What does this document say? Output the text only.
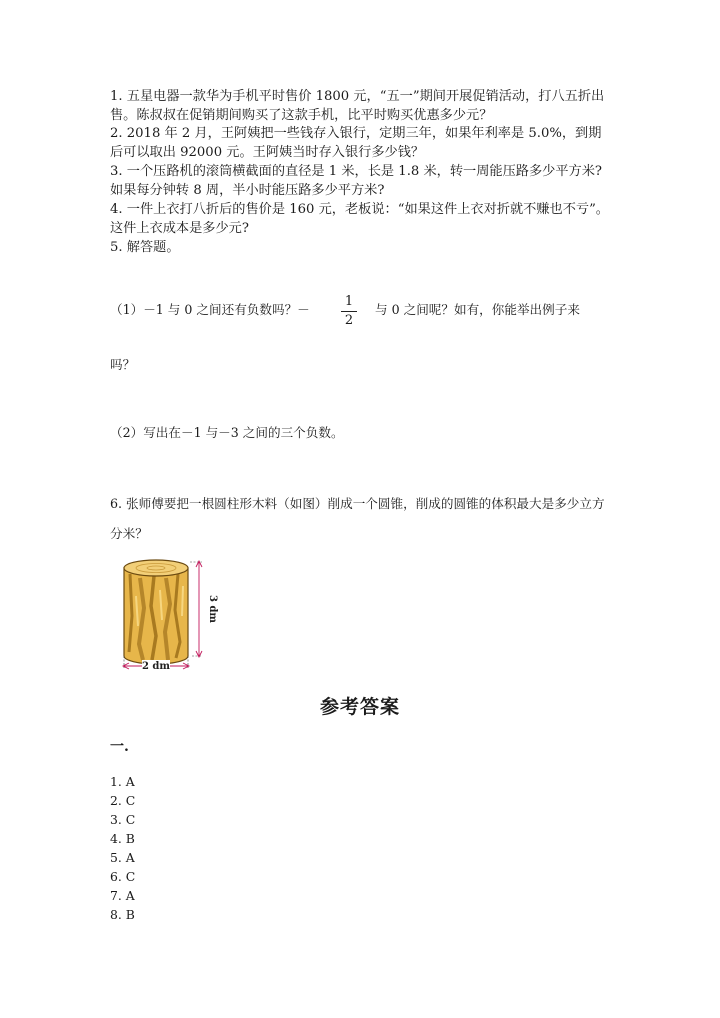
1. 五星电器一款华为手机平时售价 1800 元，“五一”期间开展促销活动，打八五折出售。陈叔叔在促销期间购买了这款手机，比平时购买优惠多少元？
2. 2018 年 2 月，王阿姨把一些钱存入银行，定期三年，如果年利率是 5.0%，到期后可以取出 92000 元。王阿姨当时存入银行多少钱？
3. 一个压路机的滚筒横截面的直径是 1 米，长是 1.8 米，转一周能压路多少平方米?如果每分钟转 8 周，半小时能压路多少平方米?
4. 一件上衣打八折后的售价是 160 元，老板说：“如果这件上衣对折就不赚也不亏”。这件上衣成本是多少元?
5. 解答题。
（1）－1 与 0 之间还有负数吗？－
1
2
与 0 之间呢？如有，你能举出例子来
吗？
（2）写出在－1 与－3 之间的三个负数。
6. 张师傅要把一根圆柱形木料（如图）削成一个圆锥，削成的圆锥的体积最大是多少立方
分米？
3 dm
2 dm
参考答案
一.
1. A
2. C
3. C
4. B
5. A
6. C
7. A
8. B
